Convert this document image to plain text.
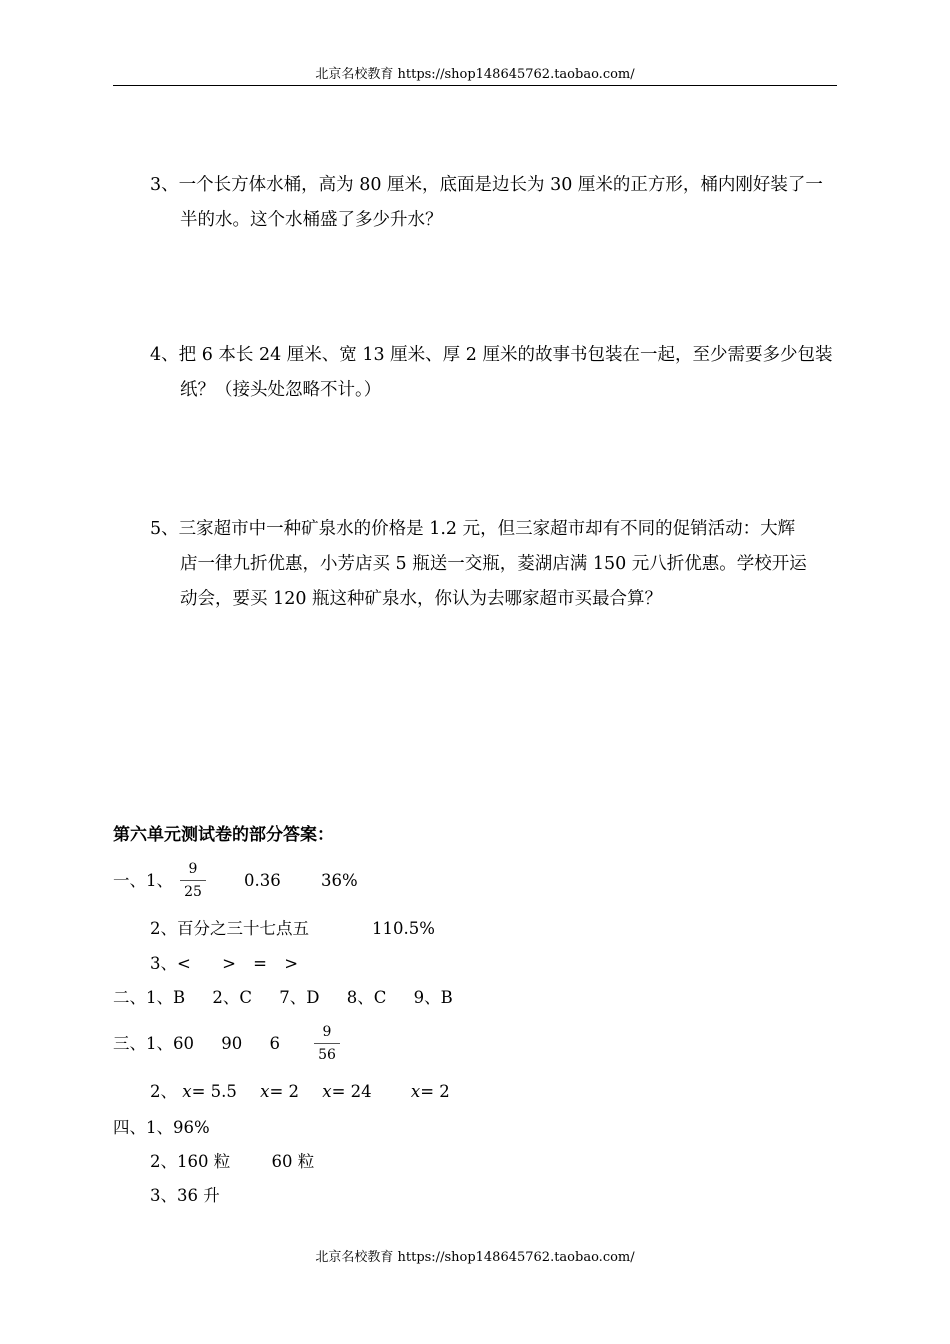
北京名校教育 https://shop148645762.taobao.com/
3、一个长方体水桶，高为 80 厘米，底面是边长为 30 厘米的正方形，桶内刚好装了一
半的水。这个水桶盛了多少升水？
4、把 6 本长 24 厘米、宽 13 厘米、厚 2 厘米的故事书包装在一起，至少需要多少包装
纸？（接头处忽略不计。）
5、三家超市中一种矿泉水的价格是 1.2 元，但三家超市却有不同的促销活动：大辉
店一律九折优惠，小芳店买 5 瓶送一交瓶，菱湖店满 150 元八折优惠。学校开运
动会，要买 120 瓶这种矿泉水，你认为去哪家超市买最合算？
第六单元测试卷的部分答案：
一、1、
9
25
0.36 36%
2、百分之三十七点五	110.5%
3、< > = >
二、1、B 2、C 7、D 8、C 9、B
三、1、60 90 6
9
56
2、 x= 5.5 x= 2 x= 24 x= 2
四、1、96%
2、160 粒	60 粒
3、36 升
北京名校教育 https://shop148645762.taobao.com/
